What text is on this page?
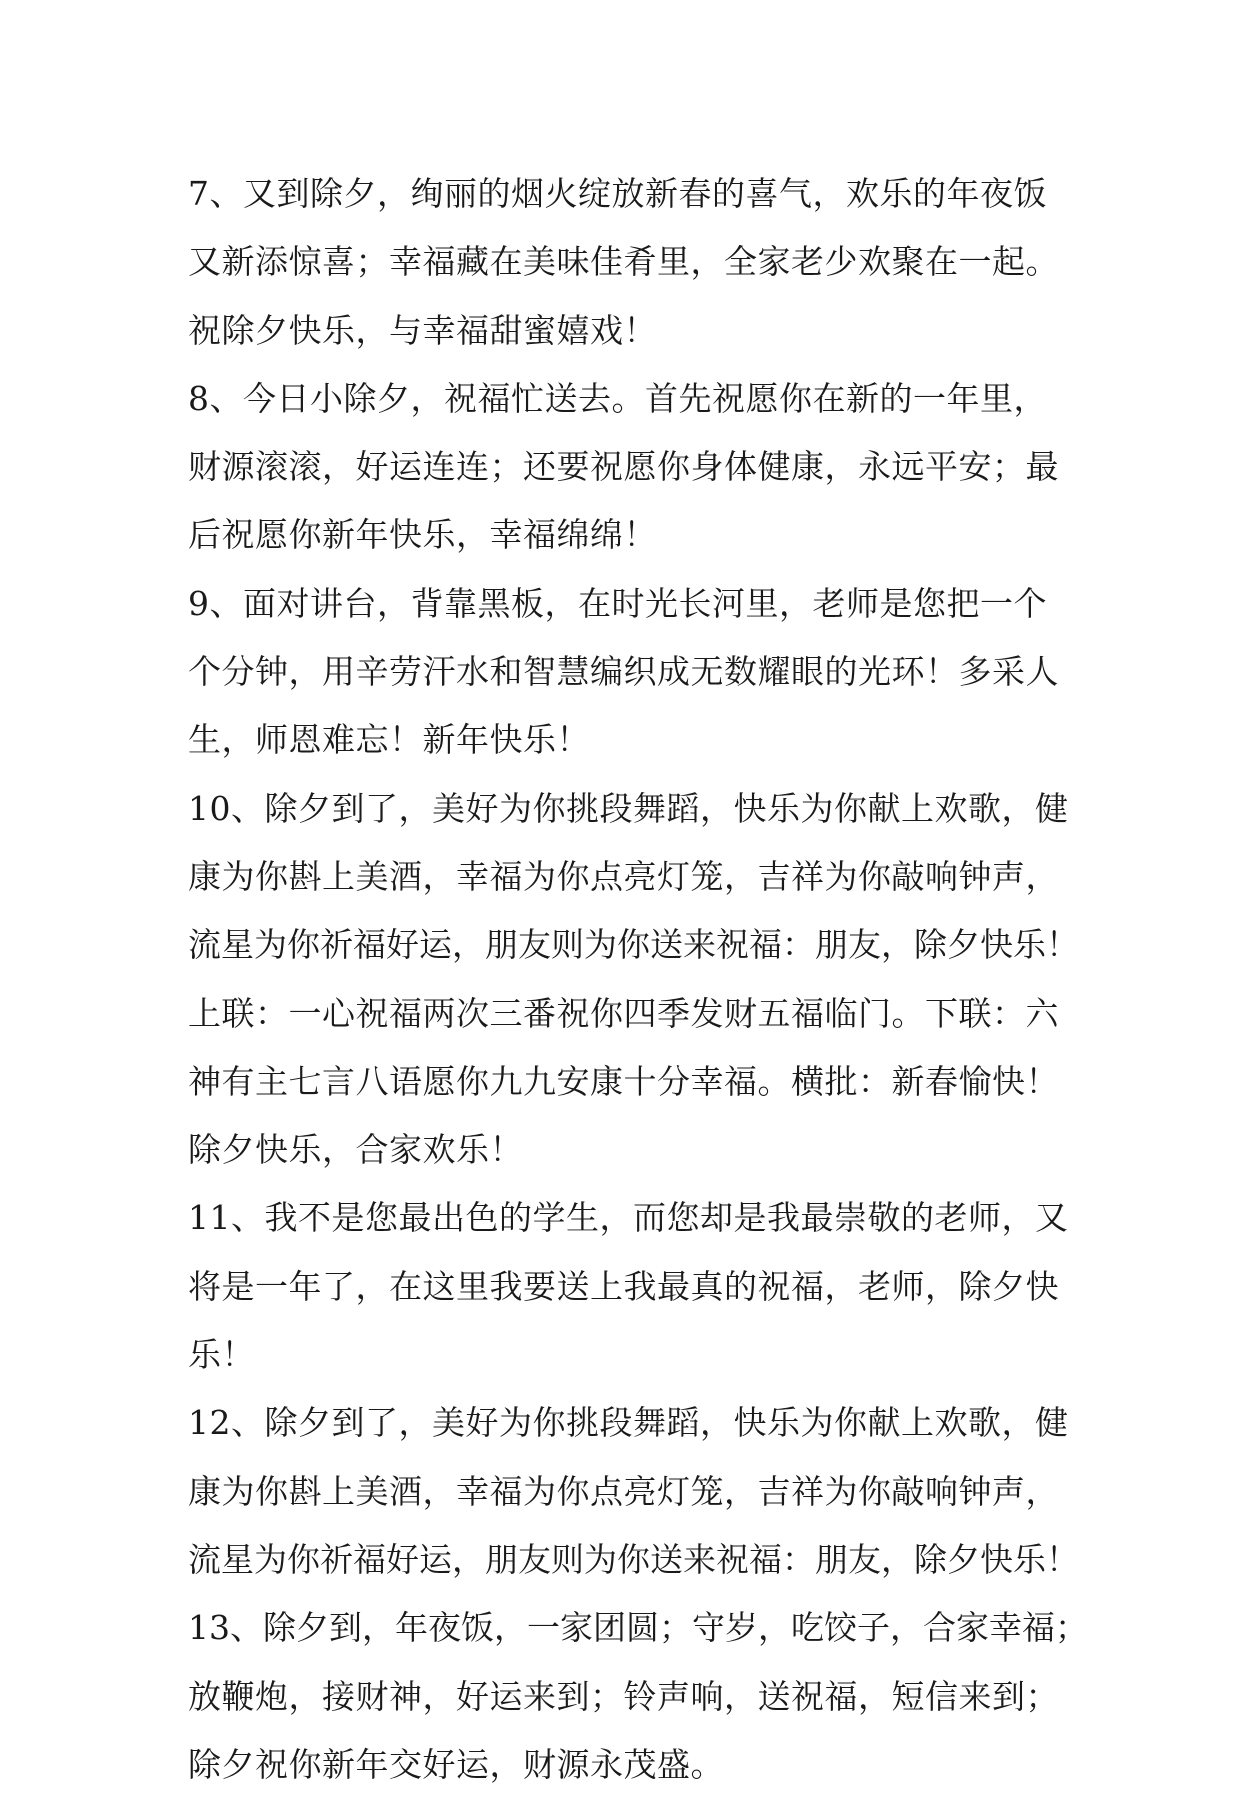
7、又到除夕，绚丽的烟火绽放新春的喜气，欢乐的年夜饭
又新添惊喜；幸福藏在美味佳肴里，全家老少欢聚在一起。
祝除夕快乐，与幸福甜蜜嬉戏！
8、今日小除夕，祝福忙送去。首先祝愿你在新的一年里，
财源滚滚，好运连连；还要祝愿你身体健康，永远平安；最
后祝愿你新年快乐，幸福绵绵！
9、面对讲台，背靠黑板，在时光长河里，老师是您把一个
个分钟，用辛劳汗水和智慧编织成无数耀眼的光环！多采人
生，师恩难忘！新年快乐！
10、除夕到了，美好为你挑段舞蹈，快乐为你献上欢歌，健
康为你斟上美酒，幸福为你点亮灯笼，吉祥为你敲响钟声，
流星为你祈福好运，朋友则为你送来祝福：朋友，除夕快乐！
上联：一心祝福两次三番祝你四季发财五福临门。下联：六
神有主七言八语愿你九九安康十分幸福。横批：新春愉快！
除夕快乐，合家欢乐！
11、我不是您最出色的学生，而您却是我最崇敬的老师，又
将是一年了，在这里我要送上我最真的祝福，老师，除夕快
乐！
12、除夕到了，美好为你挑段舞蹈，快乐为你献上欢歌，健
康为你斟上美酒，幸福为你点亮灯笼，吉祥为你敲响钟声，
流星为你祈福好运，朋友则为你送来祝福：朋友，除夕快乐！
13、除夕到，年夜饭，一家团圆；守岁，吃饺子，合家幸福；
放鞭炮，接财神，好运来到；铃声响，送祝福，短信来到；
除夕祝你新年交好运，财源永茂盛。
